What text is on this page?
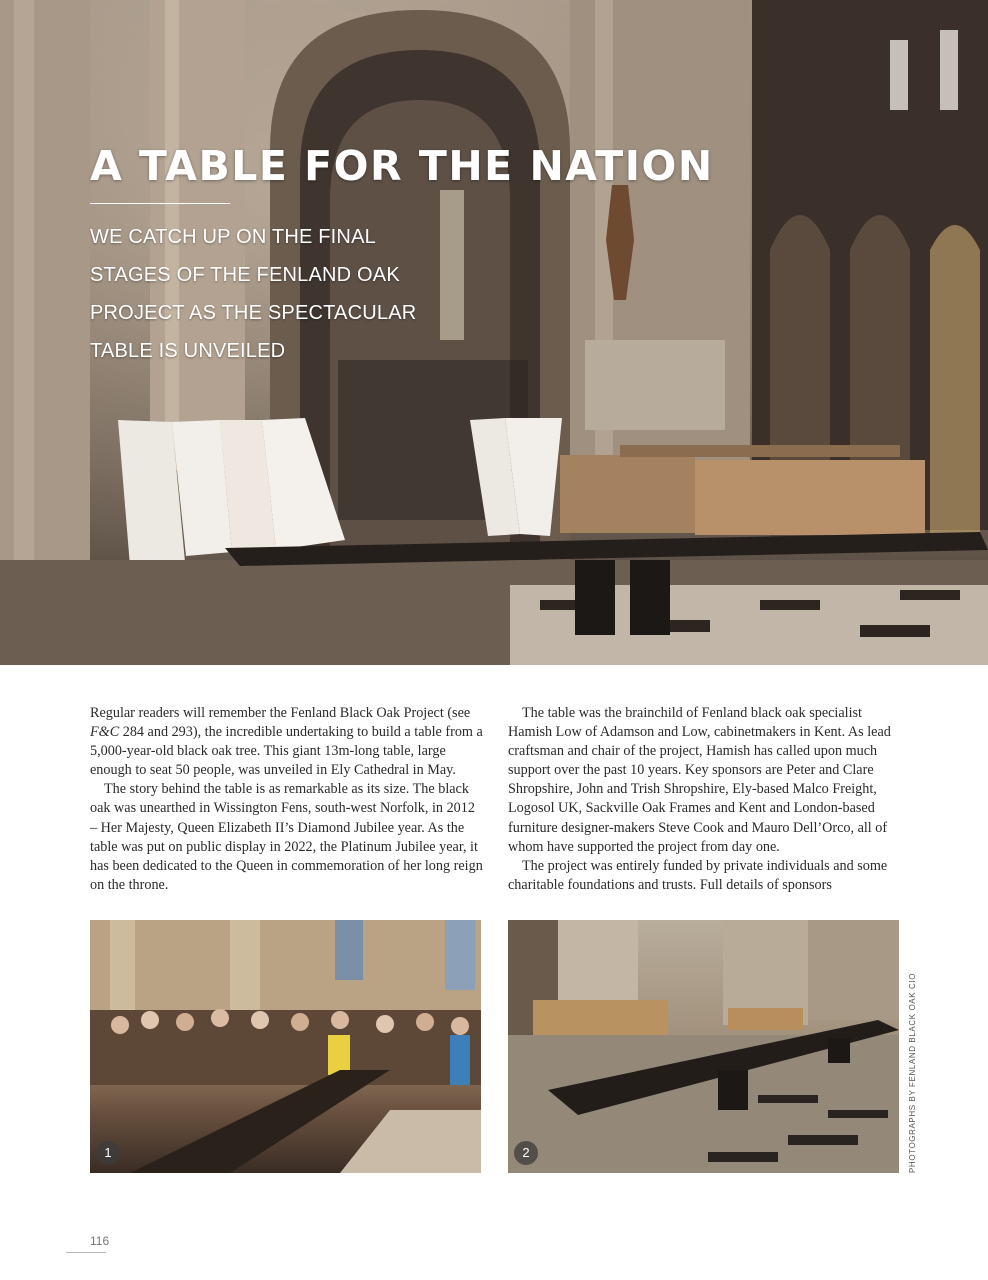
A TABLE FOR THE NATION

WE CATCH UP ON THE FINAL STAGES OF THE FENLAND OAK PROJECT AS THE SPECTACULAR TABLE IS UNVEILED

Regular readers will remember the Fenland Black Oak Project (see F&C 284 and 293), the incredible undertaking to build a table from a 5,000-year-old black oak tree. This giant 13m-long table, large enough to seat 50 people, was unveiled in Ely Cathedral in May.

The story behind the table is as remarkable as its size. The black oak was unearthed in Wissington Fens, south-west Norfolk, in 2012 – Her Majesty, Queen Elizabeth II’s Diamond Jubilee year. As the table was put on public display in 2022, the Platinum Jubilee year, it has been dedicated to the Queen in commemoration of her long reign on the throne.

The table was the brainchild of Fenland black oak specialist Hamish Low of Adamson and Low, cabinetmakers in Kent. As lead craftsman and chair of the project, Hamish has called upon much support over the past 10 years. Key sponsors are Peter and Clare Shropshire, John and Trish Shropshire, Ely-based Malco Freight, Logosol UK, Sackville Oak Frames and Kent and London-based furniture designer-makers Steve Cook and Mauro Dell’Orco, all of whom have supported the project from day one.

The project was entirely funded by private individuals and some charitable foundations and trusts. Full details of sponsors

1	2	PHOTOGRAPHS BY FENLAND BLACK OAK CIO
116
